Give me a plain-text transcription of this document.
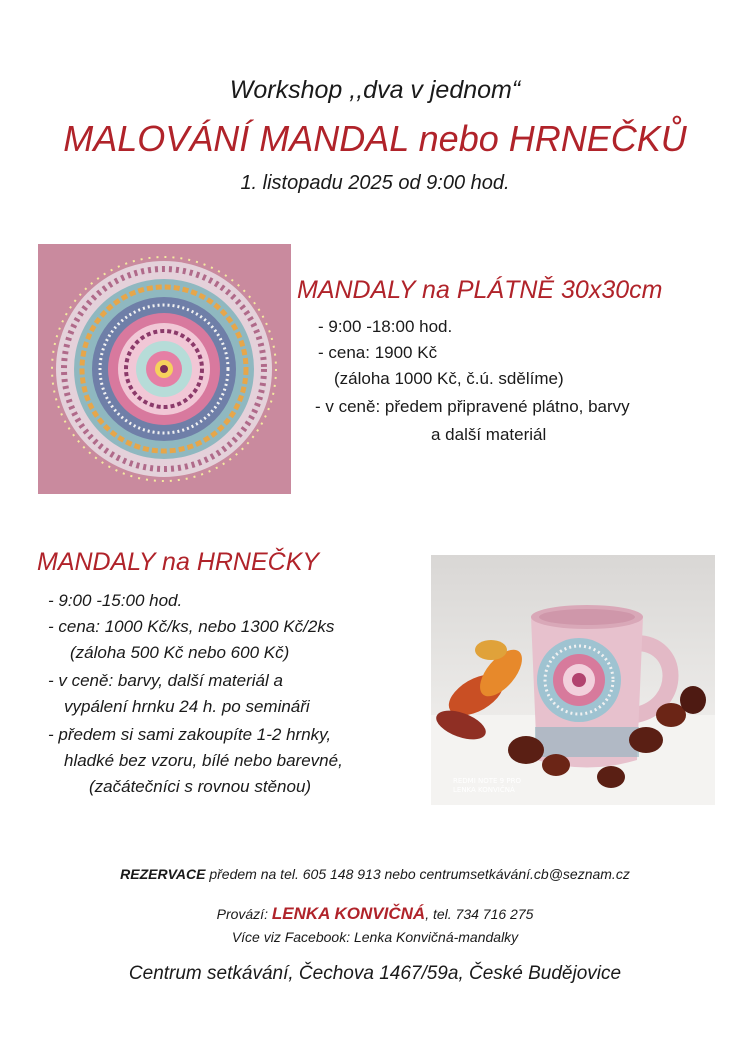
Workshop ,,dva v jednom“
MALOVÁNÍ MANDAL nebo HRNEČKŮ
1. listopadu 2025 od 9:00 hod.
MANDALY na PLÁTNĚ 30x30cm
- 9:00 -18:00 hod.
- cena: 1900 Kč
(záloha 1000 Kč, č.ú. sdělíme)
- v ceně: předem připravené plátno, barvy
a další materiál
MANDALY na HRNEČKY
- 9:00 -15:00 hod.
- cena: 1000 Kč/ks, nebo 1300 Kč/2ks
(záloha 500 Kč nebo 600 Kč)
- v ceně: barvy, další materiál a
vypálení hrnku 24 h. po semináři
- předem si sami zakoupíte 1-2 hrnky,
hladké bez vzoru, bílé nebo barevné,
(začátečníci s rovnou stěnou)	REDMI NOTE 9 PRO
LENKA KONVIČNÁ
REZERVACE předem na tel. 605 148 913 nebo centrumsetkávání.cb@seznam.cz
Provází: LENKA KONVIČNÁ, tel. 734 716 275
Více viz Facebook: Lenka Konvičná-mandalky
Centrum setkávání, Čechova 1467/59a, České Budějovice
